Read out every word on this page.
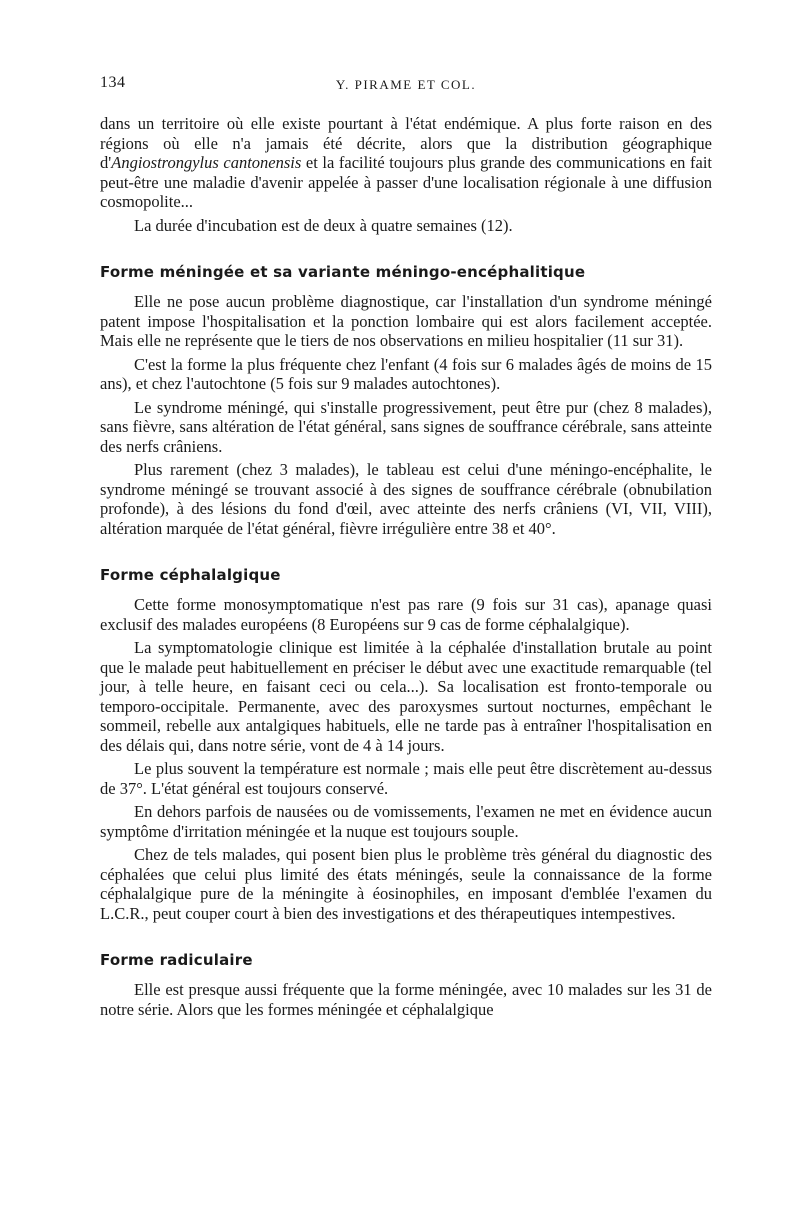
134	Y. PIRAME ET COL.

dans un territoire où elle existe pourtant à l'état endémique. A plus forte raison en des régions où elle n'a jamais été décrite, alors que la distribution géographique d'Angiostrongylus cantonensis et la facilité toujours plus grande des communications en fait peut-être une maladie d'avenir appelée à passer d'une localisation régionale à une diffusion cosmopolite...

La durée d'incubation est de deux à quatre semaines (12).

Forme méningée et sa variante méningo-encéphalitique

Elle ne pose aucun problème diagnostique, car l'installation d'un syndrome méningé patent impose l'hospitalisation et la ponction lombaire qui est alors facilement acceptée. Mais elle ne représente que le tiers de nos observations en milieu hospitalier (11 sur 31).

C'est la forme la plus fréquente chez l'enfant (4 fois sur 6 malades âgés de moins de 15 ans), et chez l'autochtone (5 fois sur 9 malades autochtones).

Le syndrome méningé, qui s'installe progressivement, peut être pur (chez 8 malades), sans fièvre, sans altération de l'état général, sans signes de souffrance cérébrale, sans atteinte des nerfs crâniens.

Plus rarement (chez 3 malades), le tableau est celui d'une méningo-encéphalite, le syndrome méningé se trouvant associé à des signes de souffrance cérébrale (obnubilation profonde), à des lésions du fond d'œil, avec atteinte des nerfs crâniens (VI, VII, VIII), altération marquée de l'état général, fièvre irrégulière entre 38 et 40°.

Forme céphalalgique

Cette forme monosymptomatique n'est pas rare (9 fois sur 31 cas), apanage quasi exclusif des malades européens (8 Européens sur 9 cas de forme céphalalgique).

La symptomatologie clinique est limitée à la céphalée d'installation brutale au point que le malade peut habituellement en préciser le début avec une exactitude remarquable (tel jour, à telle heure, en faisant ceci ou cela...). Sa localisation est fronto-temporale ou temporo-occipitale. Permanente, avec des paroxysmes surtout nocturnes, empêchant le sommeil, rebelle aux antalgiques habituels, elle ne tarde pas à entraîner l'hospitalisation en des délais qui, dans notre série, vont de 4 à 14 jours.

Le plus souvent la température est normale ; mais elle peut être discrètement au-dessus de 37°. L'état général est toujours conservé.

En dehors parfois de nausées ou de vomissements, l'examen ne met en évidence aucun symptôme d'irritation méningée et la nuque est toujours souple.

Chez de tels malades, qui posent bien plus le problème très général du diagnostic des céphalées que celui plus limité des états méningés, seule la connaissance de la forme céphalalgique pure de la méningite à éosinophiles, en imposant d'emblée l'examen du L.C.R., peut couper court à bien des investigations et des thérapeutiques intempestives.

Forme radiculaire

Elle est presque aussi fréquente que la forme méningée, avec 10 malades sur les 31 de notre série. Alors que les formes méningée et céphalalgique
